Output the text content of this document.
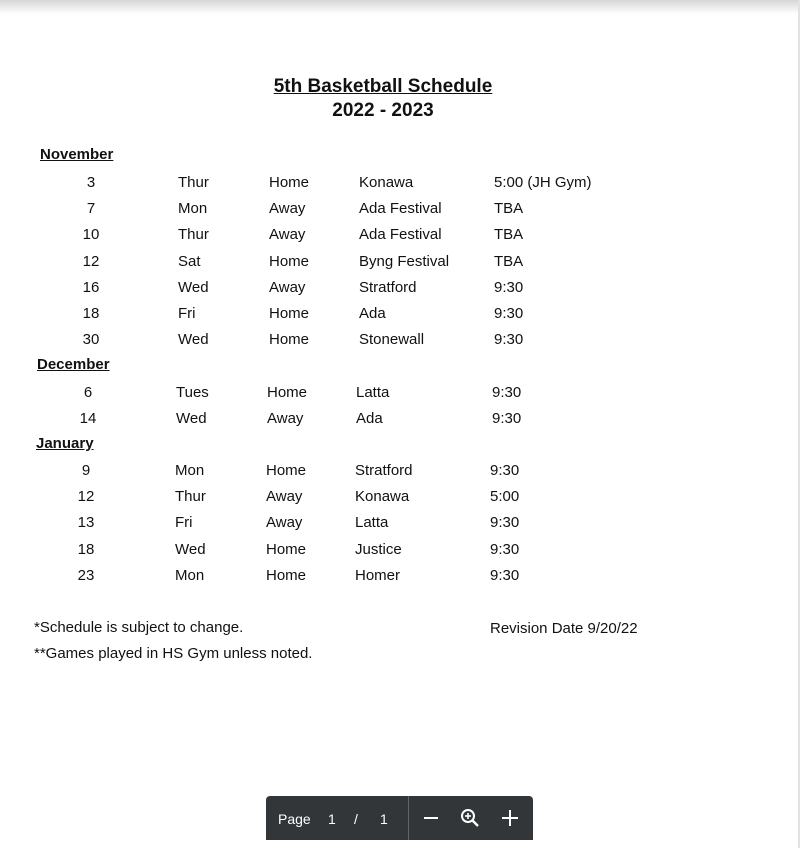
5th Basketball Schedule
2022 - 2023
November
3	Thur	Home	Konawa	5:00 (JH Gym)
7	Mon	Away	Ada Festival	TBA
10	Thur	Away	Ada Festival	TBA
12	Sat	Home	Byng Festival	TBA
16	Wed	Away	Stratford	9:30
18	Fri	Home	Ada	9:30
30	Wed	Home	Stonewall	9:30
December
6	Tues	Home	Latta	9:30
14	Wed	Away	Ada	9:30
January
9	Mon	Home	Stratford	9:30
12	Thur	Away	Konawa	5:00
13	Fri	Away	Latta	9:30
18	Wed	Home	Justice	9:30
23	Mon	Home	Homer	9:30
*Schedule is subject to change.
**Games played in HS Gym unless noted.
Revision Date 9/20/22
Page 1 / 1
